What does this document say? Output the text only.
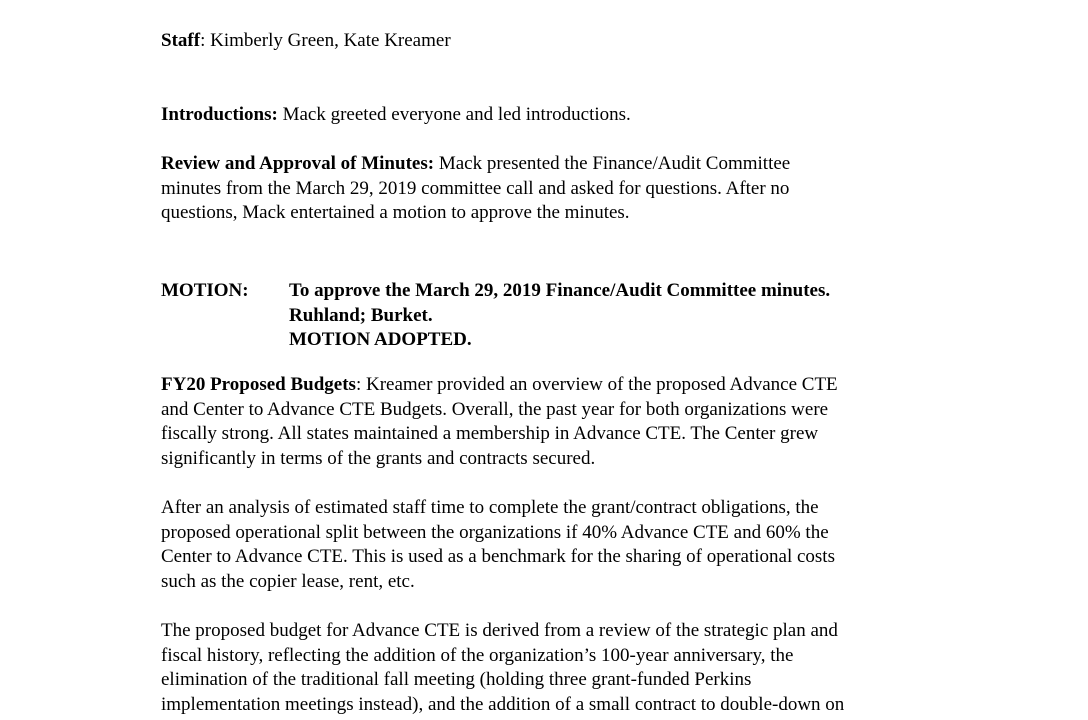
Staff: Kimberly Green, Kate Kreamer

Introductions: Mack greeted everyone and led introductions.

Review and Approval of Minutes: Mack presented the Finance/Audit Committee
minutes from the March 29, 2019 committee call and asked for questions. After no
questions, Mack entertained a motion to approve the minutes.

MOTION: To approve the March 29, 2019 Finance/Audit Committee minutes.
Ruhland; Burket.
MOTION ADOPTED.

FY20 Proposed Budgets: Kreamer provided an overview of the proposed Advance CTE
and Center to Advance CTE Budgets. Overall, the past year for both organizations were
fiscally strong. All states maintained a membership in Advance CTE. The Center grew
significantly in terms of the grants and contracts secured.

After an analysis of estimated staff time to complete the grant/contract obligations, the
proposed operational split between the organizations if 40% Advance CTE and 60% the
Center to Advance CTE. This is used as a benchmark for the sharing of operational costs
such as the copier lease, rent, etc.

The proposed budget for Advance CTE is derived from a review of the strategic plan and
fiscal history, reflecting the addition of the organization’s 100-year anniversary, the
elimination of the traditional fall meeting (holding three grant-funded Perkins
implementation meetings instead), and the addition of a small contract to double-down on
